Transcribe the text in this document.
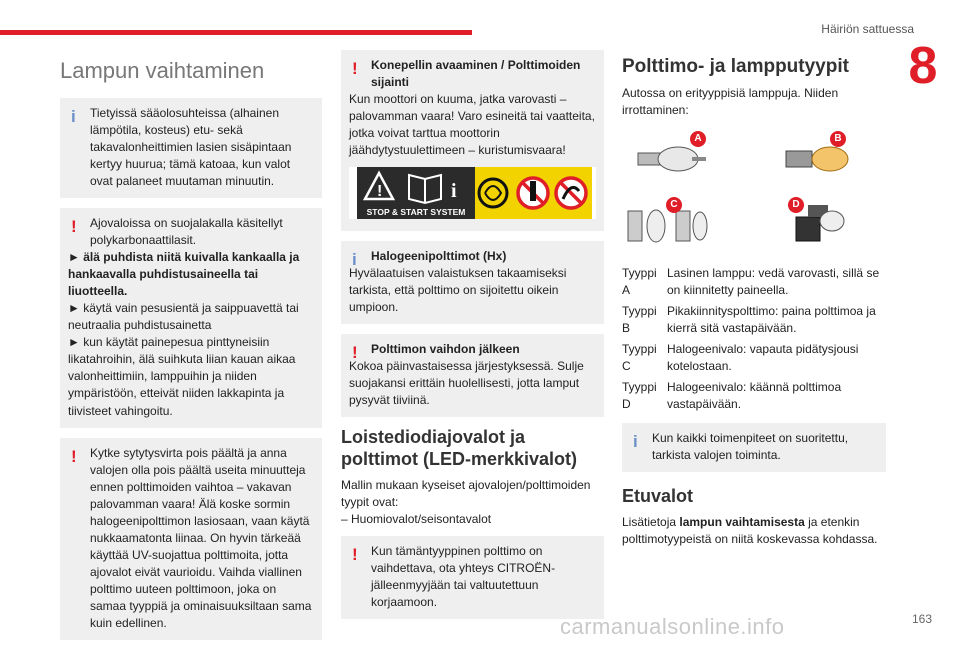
Häiriön sattuessa
8
Lampun vaihtaminen
i	Tietyissä sääolosuhteissa (alhainen lämpötila, kosteus) etu- sekä takavalonheittimien lasien sisäpintaan kertyy huurua; tämä katoaa, kun valot ovat palaneet muutaman minuutin.

!	Ajovaloissa on suojalakalla käsitellyt polykarbonaattilasit.

► älä puhdista niitä kuivalla kankaalla ja hankaavalla puhdistusaineella tai liuotteella.

► käytä vain pesusientä ja saippuavettä tai neutraalia puhdistusainetta

► kun käytät painepesua pinttyneisiin likatahroihin, älä suihkuta liian kauan aikaa valonheittimiin, lamppuihin ja niiden ympäristöön, etteivät niiden lakkapinta ja tiivisteet vahingoitu.

!	Kytke sytytysvirta pois päältä ja anna valojen olla pois päältä useita minuutteja ennen polttimoiden vaihtoa – vakavan palovamman vaara! Älä koske sormin halogeenipolttimon lasiosaan, vaan käytä nukkaamatonta liinaa. On hyvin tärkeää käyttää UV-suojattua polttimoita, jotta ajovalot eivät vaurioidu. Vaihda viallinen polttimo uuteen polttimoon, joka on samaa tyyppiä ja ominaisuuksiltaan sama kuin edellinen.

!	Konepellin avaaminen / Polttimoiden sijainti

Kun moottori on kuuma, jatka varovasti – palovamman vaara! Varo esineitä tai vaatteita, jotka voivat tarttua moottorin jäähdytystuulettimeen – kuristumisvaara!

!	i
STOP & START SYSTEM
i	Halogeenipolttimot (Hx)

Hyvälaatuisen valaistuksen takaamiseksi tarkista, että polttimo on sijoitettu oikein umpioon.

!	Polttimon vaihdon jälkeen

Kokoa päinvastaisessa järjestyksessä. Sulje suojakansi erittäin huolellisesti, jotta lamput pysyvät tiiviinä.

Loistediodiajovalot ja
polttimot (LED-merkkivalot)

Mallin mukaan kyseiset ajovalojen/polttimoiden tyypit ovat:
– Huomiovalot/seisontavalot

!	Kun tämäntyyppinen polttimo on vaihdettava, ota yhteys CITROËN-jälleenmyyjään tai valtuutettuun korjaamoon.

Polttimo- ja lampputyypit

Autossa on erityyppisiä lamppuja. Niiden irrottaminen:

A	B
C	D
Tyyppi A
Lasinen lamppu: vedä varovasti, sillä se on kiinnitetty paineella.
Tyyppi B
Pikakiinnityspolttimo: paina polttimoa ja kierrä sitä vastapäivään.
Tyyppi C
Halogeenivalo: vapauta pidätysjousi kotelostaan.
Tyyppi D
Halogeenivalo: käännä polttimoa vastapäivään.
i	Kun kaikki toimenpiteet on suoritettu, tarkista valojen toiminta.

Etuvalot

Lisätietoja lampun vaihtamisesta ja etenkin polttimotyypeistä on niitä koskevassa kohdassa.

carmanualsonline.info	163
